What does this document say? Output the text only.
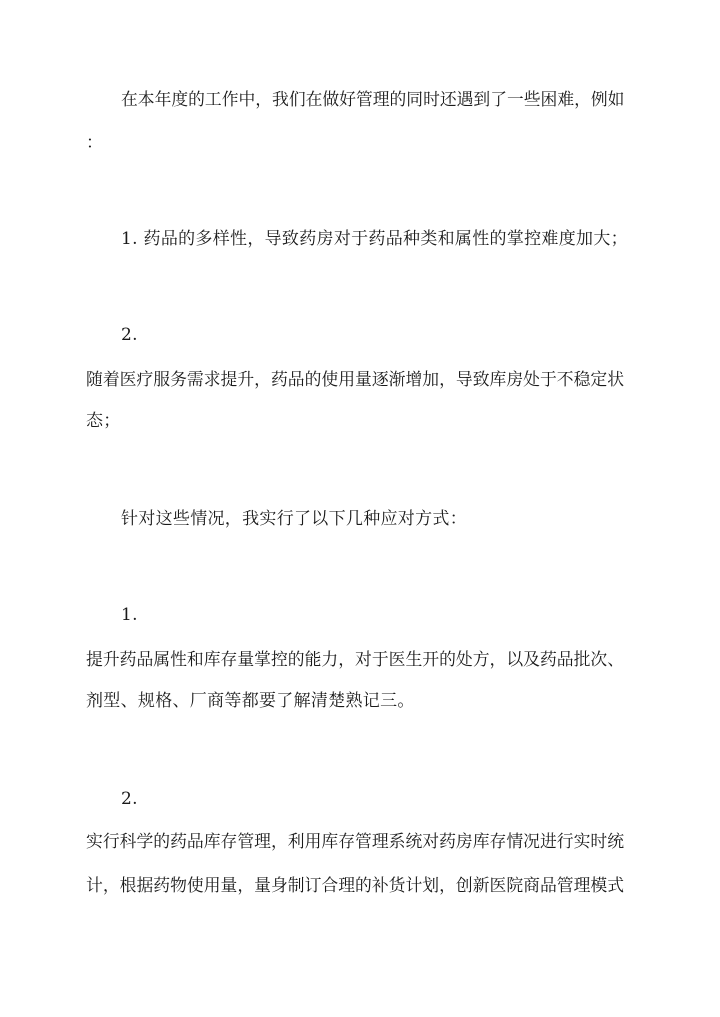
在本年度的工作中，我们在做好管理的同时还遇到了一些困难，例如
：
1. 药品的多样性，导致药房对于药品种类和属性的掌控难度加大；
2.
随着医疗服务需求提升，药品的使用量逐渐增加，导致库房处于不稳定状
态；
针对这些情况，我实行了以下几种应对方式：
1.
提升药品属性和库存量掌控的能力，对于医生开的处方，以及药品批次、
剂型、规格、厂商等都要了解清楚熟记三。
2.
实行科学的药品库存管理，利用库存管理系统对药房库存情况进行实时统
计，根据药物使用量，量身制订合理的补货计划，创新医院商品管理模式
